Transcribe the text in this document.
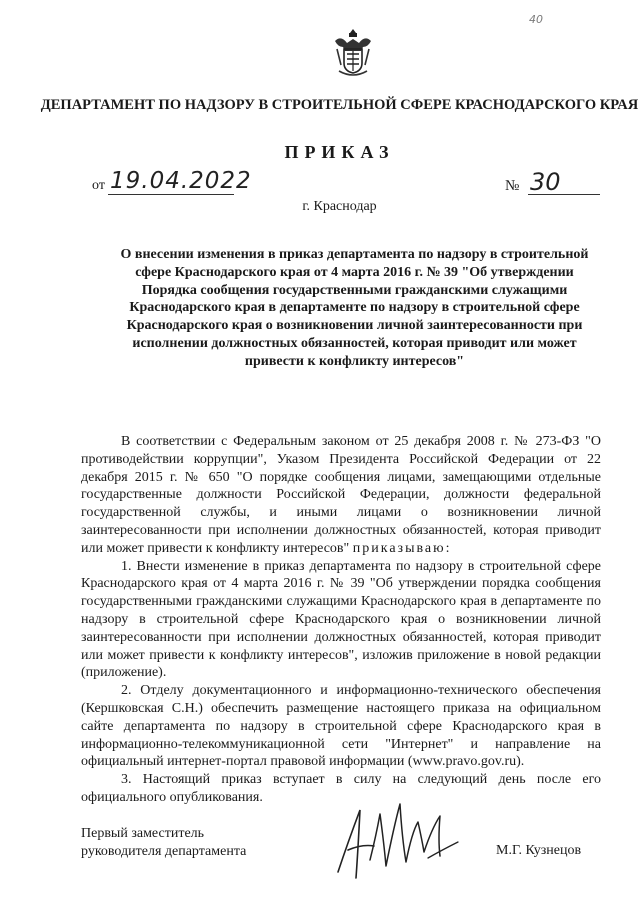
40
ДЕПАРТАМЕНТ ПО НАДЗОРУ В СТРОИТЕЛЬНОЙ СФЕРЕ КРАСНОДАРСКОГО КРАЯ
ПРИКАЗ
от 19.04.2022	№ 30
г. Краснодар
О внесении изменения в приказ департамента по надзору в строительной сфере Краснодарского края от 4 марта 2016 г. № 39 "Об утверждении Порядка сообщения государственными гражданскими служащими Краснодарского края в департаменте по надзору в строительной сфере Краснодарского края о возникновении личной заинтересованности при исполнении должностных обязанностей, которая приводит или может привести к конфликту интересов"

В соответствии с Федеральным законом от 25 декабря 2008 г. № 273-ФЗ "О противодействии коррупции", Указом Президента Российской Федерации от 22 декабря 2015 г. № 650 "О порядке сообщения лицами, замещающими отдельные государственные должности Российской Федерации, должности федеральной государственной службы, и иными лицами о возникновении личной заинтересованности при исполнении должностных обязанностей, которая приводит или может привести к конфликту интересов" приказываю:

1. Внести изменение в приказ департамента по надзору в строительной сфере Краснодарского края от 4 марта 2016 г. № 39 "Об утверждении порядка сообщения государственными гражданскими служащими Краснодарского края в департаменте по надзору в строительной сфере Краснодарского края о возникновении личной заинтересованности при исполнении должностных обязанностей, которая приводит или может привести к конфликту интересов", изложив приложение в новой редакции (приложение).

2. Отделу документационного и информационно-технического обеспечения (Кершковская С.Н.) обеспечить размещение настоящего приказа на официальном сайте департамента по надзору в строительной сфере Краснодарского края в информационно-телекоммуникационной сети "Интернет" и направление на официальный интернет-портал правовой информации (www.pravo.gov.ru).

3. Настоящий приказ вступает в силу на следующий день после его официального опубликования.

Первый заместитель
руководителя департамента	М.Г. Кузнецов
